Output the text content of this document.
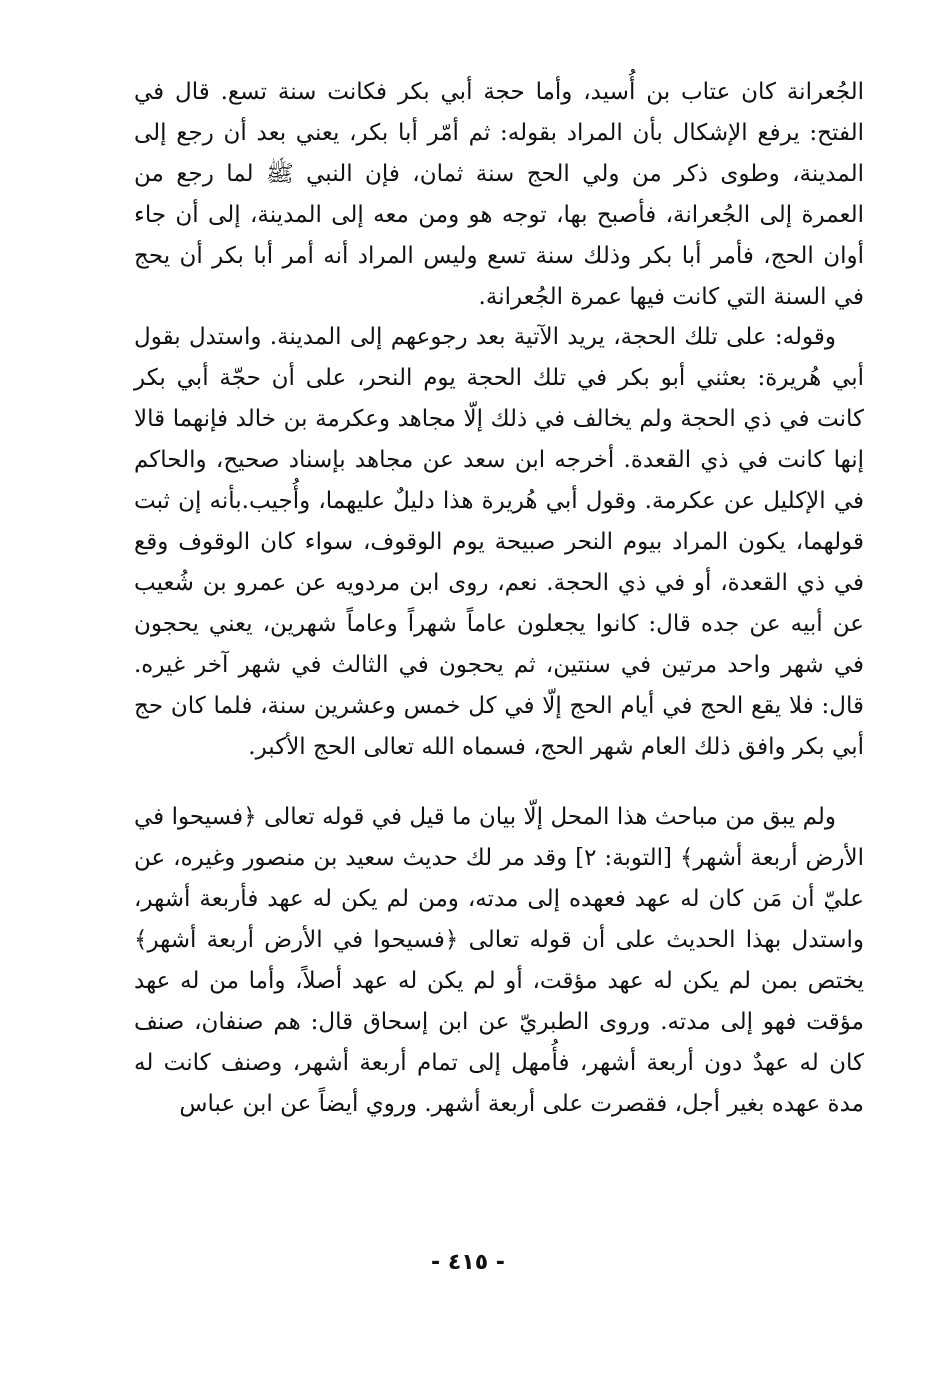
الجُعرانة كان عتاب بن أُسيد، وأما حجة أبي بكر فكانت سنة تسع. قال في الفتح: يرفع الإشكال بأن المراد بقوله: ثم أمّر أبا بكر، يعني بعد أن رجع إلى المدينة، وطوى ذكر من ولي الحج سنة ثمان، فإن النبي ﷺ لما رجع من العمرة إلى الجُعرانة، فأصبح بها، توجه هو ومن معه إلى المدينة، إلى أن جاء أوان الحج، فأمر أبا بكر وذلك سنة تسع وليس المراد أنه أمر أبا بكر أن يحج في السنة التي كانت فيها عمرة الجُعرانة.

وقوله: على تلك الحجة، يريد الآتية بعد رجوعهم إلى المدينة. واستدل بقول أبي هُريرة: بعثني أبو بكر في تلك الحجة يوم النحر، على أن حجّة أبي بكر كانت في ذي الحجة ولم يخالف في ذلك إلّا مجاهد وعكرمة بن خالد فإنهما قالا إنها كانت في ذي القعدة. أخرجه ابن سعد عن مجاهد بإسناد صحيح، والحاكم في الإكليل عن عكرمة. وقول أبي هُريرة هذا دليلٌ عليهما، وأُجيب.بأنه إن ثبت قولهما، يكون المراد بيوم النحر صبيحة يوم الوقوف، سواء كان الوقوف وقع في ذي القعدة، أو في ذي الحجة. نعم، روى ابن مردويه عن عمرو بن شُعيب عن أبيه عن جده قال: كانوا يجعلون عاماً شهراً وعاماً شهرين، يعني يحجون في شهر واحد مرتين في سنتين، ثم يحجون في الثالث في شهر آخر غيره. قال: فلا يقع الحج في أيام الحج إلّا في كل خمس وعشرين سنة، فلما كان حج أبي بكر وافق ذلك العام شهر الحج، فسماه الله تعالى الحج الأكبر.

ولم يبق من مباحث هذا المحل إلّا بيان ما قيل في قوله تعالى ﴿فسيحوا في الأرض أربعة أشهر﴾ [التوبة: ٢] وقد مر لك حديث سعيد بن منصور وغيره، عن عليّ أن مَن كان له عهد فعهده إلى مدته، ومن لم يكن له عهد فأربعة أشهر، واستدل بهذا الحديث على أن قوله تعالى ﴿فسيحوا في الأرض أربعة أشهر﴾ يختص بمن لم يكن له عهد مؤقت، أو لم يكن له عهد أصلاً، وأما من له عهد مؤقت فهو إلى مدته. وروى الطبريّ عن ابن إسحاق قال: هم صنفان، صنف كان له عهدٌ دون أربعة أشهر، فأُمهل إلى تمام أربعة أشهر، وصنف كانت له مدة عهده بغير أجل، فقصرت على أربعة أشهر. وروي أيضاً عن ابن عباس

- ٤١٥ -
